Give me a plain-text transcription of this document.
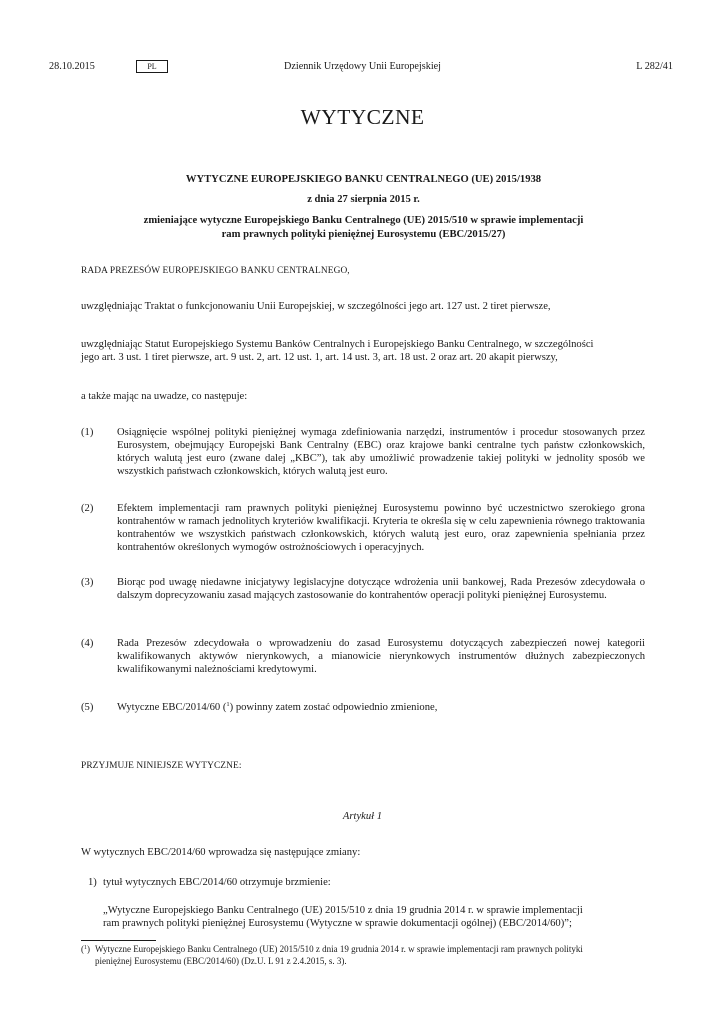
28.10.2015	PL	Dziennik Urzędowy Unii Europejskiej	L 282/41
WYTYCZNE
WYTYCZNE EUROPEJSKIEGO BANKU CENTRALNEGO (UE) 2015/1938
z dnia 27 sierpnia 2015 r.
zmieniające wytyczne Europejskiego Banku Centralnego (UE) 2015/510 w sprawie implementacji
ram prawnych polityki pieniężnej Eurosystemu (EBC/2015/27)
RADA PREZESÓW EUROPEJSKIEGO BANKU CENTRALNEGO,
uwzględniając Traktat o funkcjonowaniu Unii Europejskiej, w szczególności jego art. 127 ust. 2 tiret pierwsze,
uwzględniając Statut Europejskiego Systemu Banków Centralnych i Europejskiego Banku Centralnego, w szczególności
jego art. 3 ust. 1 tiret pierwsze, art. 9 ust. 2, art. 12 ust. 1, art. 14 ust. 3, art. 18 ust. 2 oraz art. 20 akapit pierwszy,
a także mając na uwadze, co następuje:
(1) Osiągnięcie wspólnej polityki pieniężnej wymaga zdefiniowania narzędzi, instrumentów i procedur stosowanych przez Eurosystem, obejmujący Europejski Bank Centralny (EBC) oraz krajowe banki centralne tych państw członkowskich, których walutą jest euro (zwane dalej „KBC”), tak aby umożliwić prowadzenie takiej polityki w jednolity sposób we wszystkich państwach członkowskich, których walutą jest euro.
(2) Efektem implementacji ram prawnych polityki pieniężnej Eurosystemu powinno być uczestnictwo szerokiego grona kontrahentów w ramach jednolitych kryteriów kwalifikacji. Kryteria te określa się w celu zapewnienia równego traktowania kontrahentów we wszystkich państwach członkowskich, których walutą jest euro, oraz zapewnienia spełniania przez kontrahentów określonych wymogów ostrożnościowych i operacyjnych.
(3) Biorąc pod uwagę niedawne inicjatywy legislacyjne dotyczące wdrożenia unii bankowej, Rada Prezesów zdecydowała o dalszym doprecyzowaniu zasad mających zastosowanie do kontrahentów operacji polityki pieniężnej Eurosystemu.
(4) Rada Prezesów zdecydowała o wprowadzeniu do zasad Eurosystemu dotyczących zabezpieczeń nowej kategorii kwalifikowanych aktywów nierynkowych, a mianowicie nierynkowych instrumentów dłużnych zabezpieczonych kwalifikowanymi należnościami kredytowymi.
(5) Wytyczne EBC/2014/60 ($^1$) powinny zatem zostać odpowiednio zmienione,
PRZYJMUJE NINIEJSZE WYTYCZNE:
Artykuł 1
W wytycznych EBC/2014/60 wprowadza się następujące zmiany:
1) tytuł wytycznych EBC/2014/60 otrzymuje brzmienie:
„Wytyczne Europejskiego Banku Centralnego (UE) 2015/510 z dnia 19 grudnia 2014 r. w sprawie implementacji
ram prawnych polityki pieniężnej Eurosystemu (Wytyczne w sprawie dokumentacji ogólnej) (EBC/2014/60)”;
($^1$) Wytyczne Europejskiego Banku Centralnego (UE) 2015/510 z dnia 19 grudnia 2014 r. w sprawie implementacji ram prawnych polityki
pieniężnej Eurosystemu (EBC/2014/60) (Dz.U. L 91 z 2.4.2015, s. 3).
